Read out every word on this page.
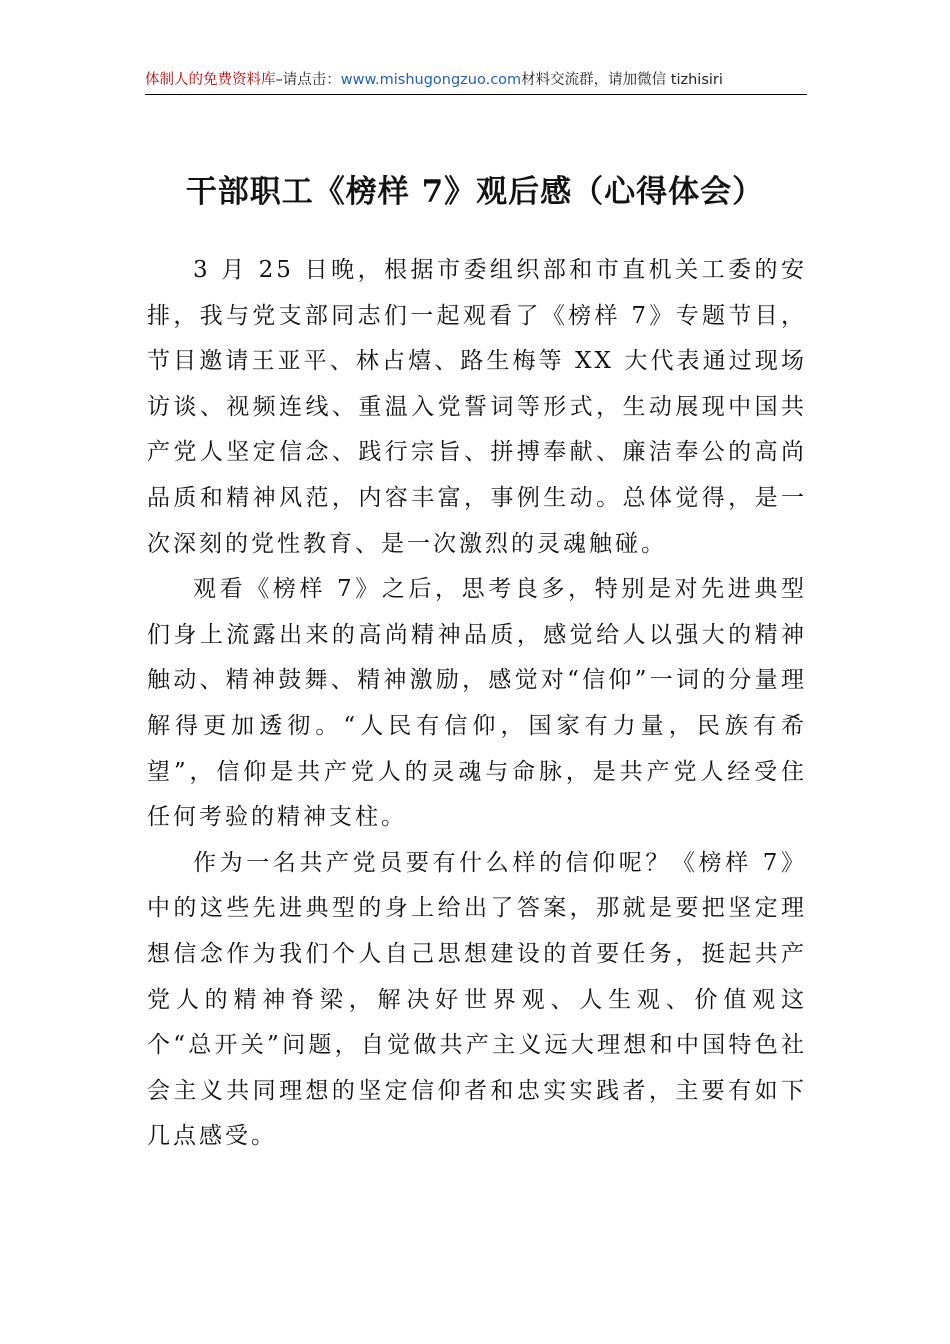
体制人的免费资料库–请点击：www.mishugongzuo.com材料交流群，请加微信 tizhisiri
干部职工《榜样 7》观后感（心得体会）

3 月 25 日晚，根据市委组织部和市直机关工委的安排，我与党支部同志们一起观看了《榜样 7》专题节目，节目邀请王亚平、林占熺、路生梅等 XX 大代表通过现场访谈、视频连线、重温入党誓词等形式，生动展现中国共产党人坚定信念、践行宗旨、拼搏奉献、廉洁奉公的高尚品质和精神风范，内容丰富，事例生动。总体觉得，是一次深刻的党性教育、是一次激烈的灵魂触碰。

观看《榜样 7》之后，思考良多，特别是对先进典型们身上流露出来的高尚精神品质，感觉给人以强大的精神触动、精神鼓舞、精神激励，感觉对“信仰”一词的分量理解得更加透彻。“人民有信仰，国家有力量，民族有希望”，信仰是共产党人的灵魂与命脉，是共产党人经受住任何考验的精神支柱。

作为一名共产党员要有什么样的信仰呢？《榜样 7》中的这些先进典型的身上给出了答案，那就是要把坚定理想信念作为我们个人自己思想建设的首要任务，挺起共产党人的精神脊梁，解决好世界观、人生观、价值观这个“总开关”问题，自觉做共产主义远大理想和中国特色社会主义共同理想的坚定信仰者和忠实实践者，主要有如下几点感受。
